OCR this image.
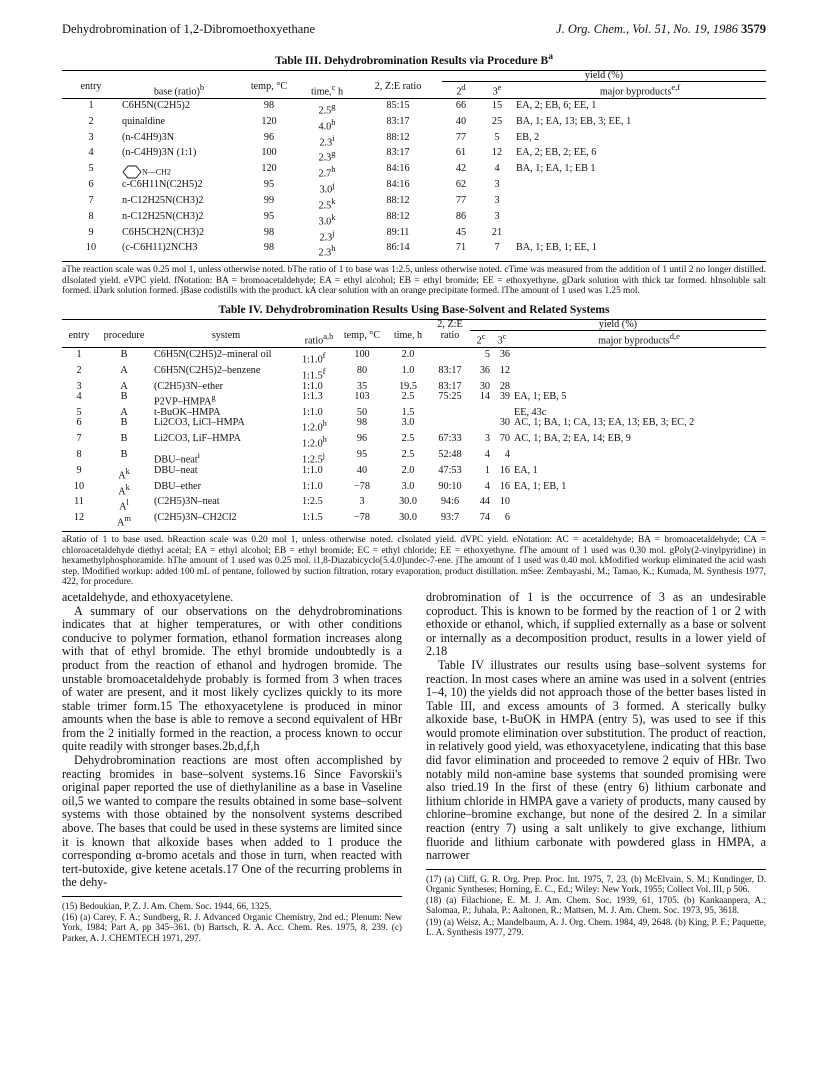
Dehydrobromination of 1,2-Dibromoethoxyethane	J. Org. Chem., Vol. 51, No. 19, 1986 3579
Table III. Dehydrobromination Results via Procedure $B^a$
					yield (%)		
entry	base (ratio)$^b$	temp, °C	time,$^c$ h	2, Z:E ratio	2$^d$	3e	major byproducts$^{e,f}$
1	C6H5N(C2H5)2	98	2.5$^g$	85:15	66	15	EA, 2; EB, 6; EE, 1
2	quinaldine	120	4.0$^h$	83:17	40	25	BA, 1; EA, 13; EB, 3; EE, 1
3	(n-C4H9)3N	96	2.3$^i$	88:12	77	5	EB, 2
4	(n-C4H9)3N (1:1)	100	2.3$^g$	83:17	61	12	EA, 2; EB, 2; EE, 6
5	N—CH2	120	2.7$^h$	84:16	42	4	BA, 1; EA, 1; EB 1
6	c-C6H11N(C2H5)2	95	3.0$^j$	84:16	62	3	
7	n-C12H25N(CH3)2	99	2.5$^k$	88:12	77	3	
8	n-C12H25N(CH3)2	95	3.0$^k$	88:12	86	3	
9	C6H5CH2N(CH3)2	98	2.3$^j$	89:11	45	21	
10	(c-C6H11)2NCH3	98	2.3$^h$	86:14	71	7	BA, 1; EB, 1; EE, 1
aThe reaction scale was 0.25 mol 1, unless otherwise noted. bThe ratio of 1 to base was 1:2.5, unless otherwise noted. cTime was measured from the addition of 1 until 2 no longer distilled. dIsolated yield. eVPC yield. fNotation: BA = bromoacetaldehyde; EA = ethyl alcohol; EB = ethyl bromide; EE = ethoxyethyne. gDark solution with thick tar formed. hInsoluble salt formed. iDark solution formed. jBase codistills with the product. kA clear solution with an orange precipitate formed. lThe amount of 1 used was 1.25 mol.
Table IV. Dehydrobromination Results Using Base-Solvent and Related Systems
						2, Z:E	yield (%)		
entry	procedure	system	ratio$^{a,b}$	temp, °C	time, h	ratio	2$^c$	3$^c$	major byproducts$^{d,e}$
1	B	C6H5N(C2H5)2–mineral oil	1:1.0$^f$	100	2.0		5	36	
2	A	C6H5N(C2H5)2–benzene	1:1.5$^f$	80	1.0	83:17	36	12	
3	A	(C2H5)3N–ether	1:1.0	35	19.5	83:17	30	28	
4	B	P2VP–HMPA$^g$	1:1.3	103	2.5	75:25	14	39	EA, 1; EB, 5
5	A	t-BuOK–HMPA	1:1.0	50	1.5				EE, 43c
6	B	Li2CO3, LiCl–HMPA	1:2.0$^h$	98	3.0			30	AC, 1; BA, 1; CA, 13; EA, 13; EB, 3; EC, 2
7	B	Li2CO3, LiF–HMPA	1:2.0$^h$	96	2.5	67:33	3	70	AC, 1; BA, 2; EA, 14; EB, 9
8	B	DBU–neat$^i$	1:2.5$^j$	95	2.5	52:48	4	4	
9	$A^k$	DBU–neat	1:1.0	40	2.0	47:53	1	16	EA, 1
10	$A^k$	DBU–ether	1:1.0	−78	3.0	90:10	4	16	EA, 1; EB, 1
11	$A^l$	(C2H5)3N–neat	1:2.5	3	30.0	94:6	44	10	
12	$A^m$	(C2H5)3N–CH2Cl2	1:1.5	−78	30.0	93:7	74	6	
aRatio of 1 to base used. bReaction scale was 0.20 mol 1, unless otherwise noted. cIsolated yield. dVPC yield. eNotation: AC = acetaldehyde; BA = bromoacetaldehyde; CA = chloroacetaldehyde diethyl acetal; EA = ethyl alcohol; EB = ethyl bromide; EC = ethyl chloride; EE = ethoxyethyne. fThe amount of 1 used was 0.30 mol. gPoly(2-vinylpyridine) in hexamethylphosphoramide. hThe amount of 1 used was 0.25 mol. i1,8-Diazabicyclo[5.4.0]undec-7-ene. jThe amount of 1 used was 0.40 mol. kModified workup eliminated the acid wash step. lModified workup: added 100 mL of pentane, followed by suction filtration, rotary evaporation, product distillation. mSee: Zembayashi, M.; Tamao, K.; Kumada, M. Synthesis 1977, 422, for procedure.

acetaldehyde, and ethoxyacetylene.

A summary of our observations on the dehydrobrominations indicates that at higher temperatures, or with other conditions conducive to polymer formation, ethanol formation increases along with that of ethyl bromide. The ethyl bromide undoubtedly is a product from the reaction of ethanol and hydrogen bromide. The unstable bromoacetaldehyde probably is formed from 3 when traces of water are present, and it most likely cyclizes quickly to its more stable trimer form.15 The ethoxyacetylene is produced in minor amounts when the base is able to remove a second equivalent of HBr from the 2 initially formed in the reaction, a process known to occur quite readily with stronger bases.2b,d,f,h

Dehydrobromination reactions are most often accomplished by reacting bromides in base–solvent systems.16 Since Favorskii's original paper reported the use of diethylaniline as a base in Vaseline oil,5 we wanted to compare the results obtained in some base–solvent systems with those obtained by the nonsolvent systems described above. The bases that could be used in these systems are limited since it is known that alkoxide bases when added to 1 produce the corresponding α-bromo acetals and those in turn, when reacted with tert-butoxide, give ketene acetals.17 One of the recurring problems in the dehy-

(15) Bedoukian, P. Z. J. Am. Chem. Soc. 1944, 66, 1325.
(16) (a) Carey, F. A.; Sundberg, R. J. Advanced Organic Chemistry, 2nd ed.; Plenum: New York, 1984; Part A, pp 345–361. (b) Bartsch, R. A. Acc. Chem. Res. 1975, 8, 239. (c) Parker, A. J. CHEMTECH 1971, 297.

drobromination of 1 is the occurrence of 3 as an undesirable coproduct. This is known to be formed by the reaction of 1 or 2 with ethoxide or ethanol, which, if supplied externally as a base or solvent or internally as a decomposition product, results in a lower yield of 2.18

Table IV illustrates our results using base–solvent systems for reaction. In most cases where an amine was used in a solvent (entries 1–4, 10) the yields did not approach those of the better bases listed in Table III, and excess amounts of 3 formed. A sterically bulky alkoxide base, t-BuOK in HMPA (entry 5), was used to see if this would promote elimination over substitution. The product of reaction, in relatively good yield, was ethoxyacetylene, indicating that this base did favor elimination and proceeded to remove 2 equiv of HBr. Two notably mild non-amine base systems that sounded promising were also tried.19 In the first of these (entry 6) lithium carbonate and lithium chloride in HMPA gave a variety of products, many caused by chlorine–bromine exchange, but none of the desired 2. In a similar reaction (entry 7) using a salt unlikely to give exchange, lithium fluoride and lithium carbonate with powdered glass in HMPA, a narrower

(17) (a) Cliff, G. R. Org. Prep. Proc. Int. 1975, 7, 23. (b) McElvain, S. M.; Kundinger, D. Organic Syntheses; Horning, E. C., Ed.; Wiley: New York, 1955; Collect Vol. III, p 506.
(18) (a) Filachione, E. M. J. Am. Chem. Soc. 1939, 61, 1705. (b) Kankaanpera, A.; Salomaa, P.; Juhala, P.; Aaltonen, R.; Mattsen, M. J. Am. Chem. Soc. 1973, 95, 3618.
(19) (a) Weisz, A.; Mandelbaum, A. J. Org. Chem. 1984, 49, 2648. (b) King, P. F.; Paquette, L. A. Synthesis 1977, 279.
